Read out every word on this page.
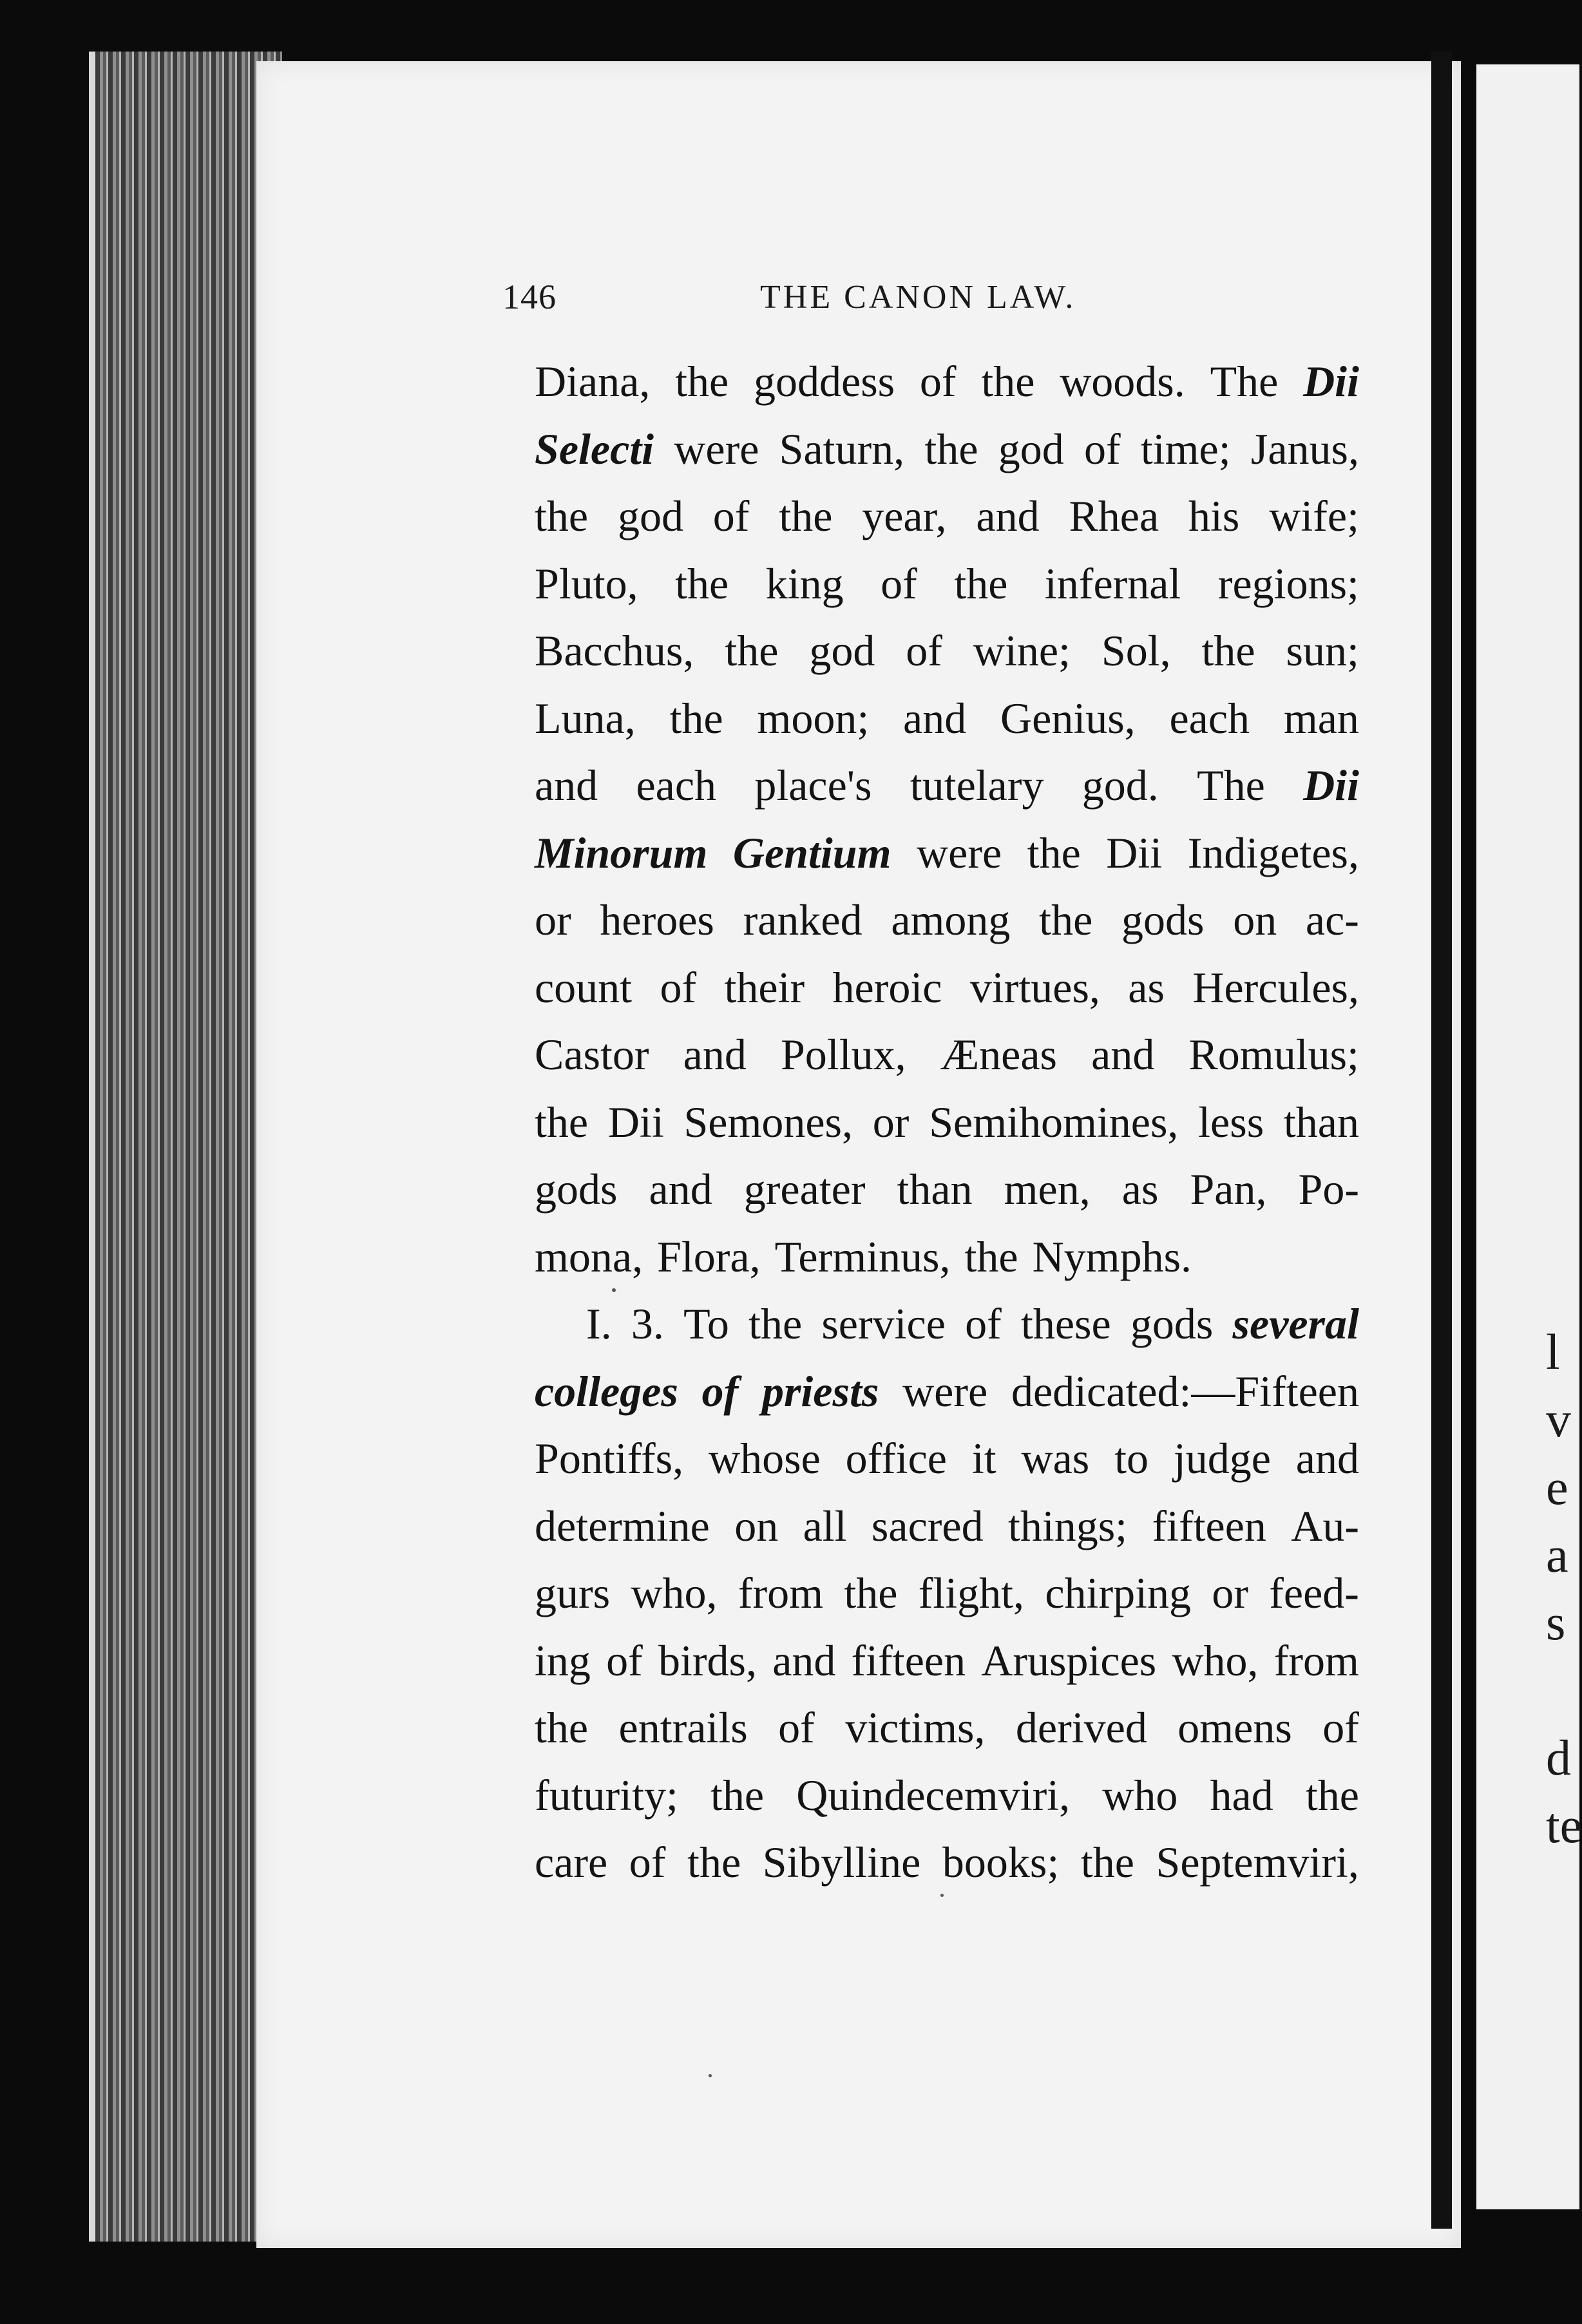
l
v
e
a
s
d
te
146	THE CANON LAW.
Diana, the goddess of the woods. The Dii
Selecti were Saturn, the god of time; Janus,
the god of the year, and Rhea his wife;
Pluto, the king of the infernal regions;
Bacchus, the god of wine; Sol, the sun;
Luna, the moon; and Genius, each man
and each place's tutelary god. The Dii
Minorum Gentium were the Dii Indigetes,
or heroes ranked among the gods on ac-
count of their heroic virtues, as Hercules,
Castor and Pollux, Æneas and Romulus;
the Dii Semones, or Semihomines, less than
gods and greater than men, as Pan, Po-
mona, Flora, Terminus, the Nymphs.
I. 3. To the service of these gods several
colleges of priests were dedicated:—Fifteen
Pontiffs, whose office it was to judge and
determine on all sacred things; fifteen Au-
gurs who, from the flight, chirping or feed-
ing of birds, and fifteen Aruspices who, from
the entrails of victims, derived omens of
futurity; the Quindecemviri, who had the
care of the Sibylline books; the Septemviri,
